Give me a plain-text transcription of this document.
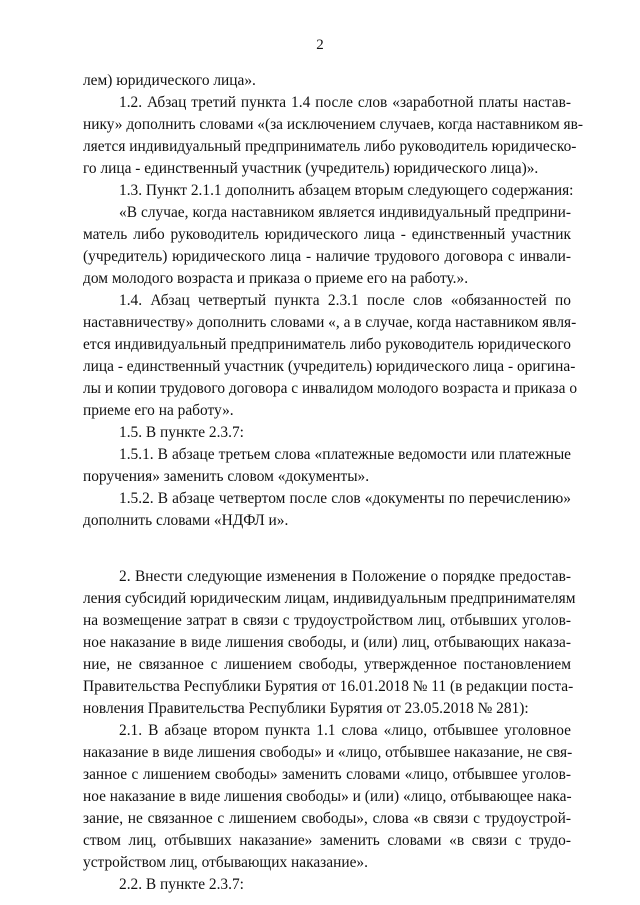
2
лем) юридического лица».
1.2. Абзац третий пункта 1.4 после слов «заработной платы настав-
нику» дополнить словами «(за исключением случаев, когда наставником яв-
ляется индивидуальный предприниматель либо руководитель юридическо-
го лица - единственный участник (учредитель) юридического лица)».
1.3. Пункт 2.1.1 дополнить абзацем вторым следующего содержания:
«В случае, когда наставником является индивидуальный предприни-
матель либо руководитель юридического лица - единственный участник
(учредитель) юридического лица - наличие трудового договора с инвали-
дом молодого возраста и приказа о приеме его на работу.».
1.4. Абзац четвертый пункта 2.3.1 после слов «обязанностей по
наставничеству» дополнить словами «, а в случае, когда наставником явля-
ется индивидуальный предприниматель либо руководитель юридического
лица - единственный участник (учредитель) юридического лица - оригина-
лы и копии трудового договора с инвалидом молодого возраста и приказа о
приеме его на работу».
1.5. В пункте 2.3.7:
1.5.1. В абзаце третьем слова «платежные ведомости или платежные
поручения» заменить словом «документы».
1.5.2. В абзаце четвертом после слов «документы по перечислению»
дополнить словами «НДФЛ и».
2. Внести следующие изменения в Положение о порядке предостав-
ления субсидий юридическим лицам, индивидуальным предпринимателям
на возмещение затрат в связи с трудоустройством лиц, отбывших уголов-
ное наказание в виде лишения свободы, и (или) лиц, отбывающих наказа-
ние, не связанное с лишением свободы, утвержденное постановлением
Правительства Республики Бурятия от 16.01.2018 № 11 (в редакции поста-
новления Правительства Республики Бурятия от 23.05.2018 № 281):
2.1. В абзаце втором пункта 1.1 слова «лицо, отбывшее уголовное
наказание в виде лишения свободы» и «лицо, отбывшее наказание, не свя-
занное с лишением свободы» заменить словами «лицо, отбывшее уголов-
ное наказание в виде лишения свободы» и (или) «лицо, отбывающее нака-
зание, не связанное с лишением свободы», слова «в связи с трудоустрой-
ством лиц, отбывших наказание» заменить словами «в связи с трудо-
устройством лиц, отбывающих наказание».
2.2. В пункте 2.3.7:
